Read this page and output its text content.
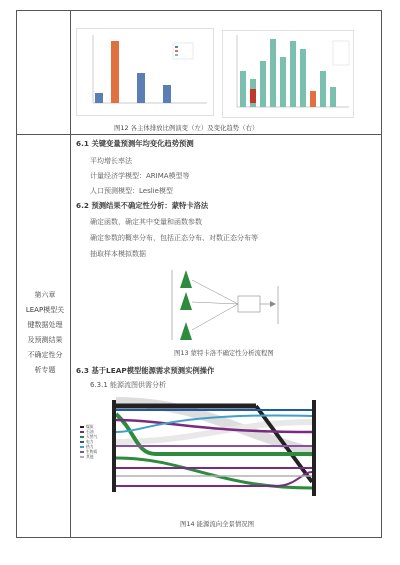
图12 各主体排放比例演变（左）及变化趋势（右）
第六章
LEAP模型关
键数据处理
及预测结果
不确定性分
析专题
6.1 关键变量预测年均变化趋势预测
平均增长率法
计量经济学模型：ARIMA模型等
人口预测模型：Leslie模型
6.2 预测结果不确定性分析：蒙特卡洛法
确定函数，确定其中变量和函数参数
确定参数的概率分布，包括正态分布、对数正态分布等
抽取样本模拟数据
图13 蒙特卡洛不确定性分析流程图
6.3 基于LEAP模型能源需求预测实例操作
6.3.1 能源流图供需分析
煤炭
石油
天然气
电力
热力
生物质
其他
图14 能源流向全景情况图
